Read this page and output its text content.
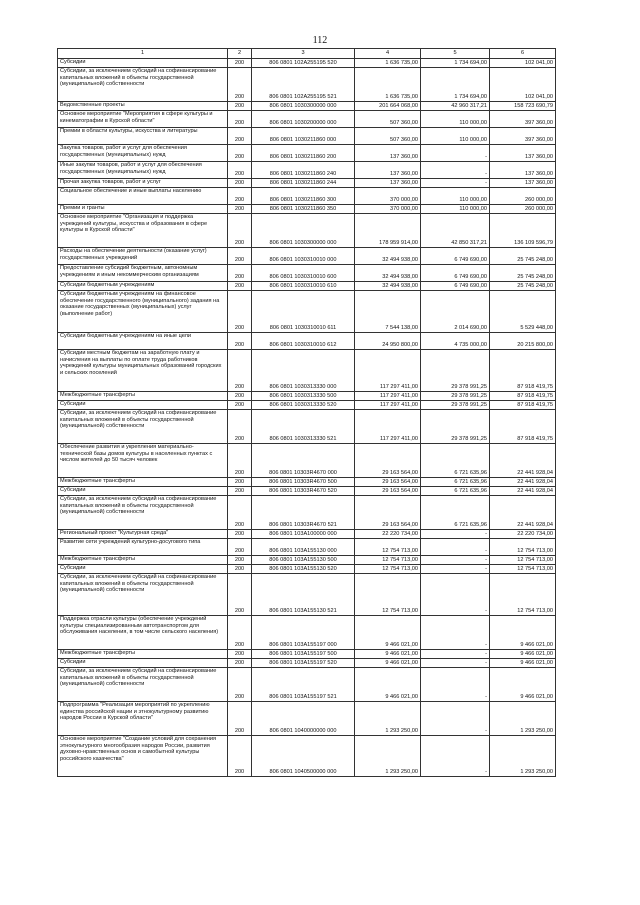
112
1	2	3	4	5	6
Субсидии	200	806 0801 102A255195 520	1 636 735,00	1 734 694,00	102 041,00
Субсидии, за исключением субсидий на софинансирование капитальных вложений в объекты государственной (муниципальной) собственности	200	806 0801 102A255195 521	1 636 735,00	1 734 694,00	102 041,00
Ведомственные проекты	200	806 0801 1030300000 000	201 664 068,00	42 960 317,21	158 723 690,79
Основное мероприятие "Мероприятия в сфере культуры и кинематографии в Курской области"	200	806 0801 1030200000 000	507 360,00	110 000,00	397 360,00
Премии в области культуры, искусства и литературы	200	806 0801 1030211860 000	507 360,00	110 000,00	397 360,00
Закупка товаров, работ и услуг для обеспечения государственных (муниципальных) нужд	200	806 0801 1030211860 200	137 360,00	-	137 360,00
Иные закупки товаров, работ и услуг для обеспечения государственных (муниципальных) нужд	200	806 0801 1030211860 240	137 360,00	-	137 360,00
Прочая закупка товаров, работ и услуг	200	806 0801 1030211860 244	137 360,00	-	137 360,00
Социальное обеспечение и иные выплаты населению	200	806 0801 1030211860 300	370 000,00	110 000,00	260 000,00
Премии и гранты	200	806 0801 1030211860 350	370 000,00	110 000,00	260 000,00
Основное мероприятие "Организация и поддержка учреждений культуры, искусства и образования в сфере культуры в Курской области"	200	806 0801 1030300000 000	178 959 914,00	42 850 317,21	136 109 596,79
Расходы на обеспечение деятельности (оказание услуг) государственных учреждений	200	806 0801 1030310010 000	32 494 938,00	6 749 690,00	25 745 248,00
Предоставление субсидий бюджетным, автономным учреждениям и иным некоммерческим организациям	200	806 0801 1030310010 600	32 494 938,00	6 749 690,00	25 745 248,00
Субсидии бюджетным учреждениям	200	806 0801 1030310010 610	32 494 938,00	6 749 690,00	25 745 248,00
Субсидии бюджетным учреждениям на финансовое обеспечение государственного (муниципального) задания на оказание государственных (муниципальных) услуг (выполнение работ)	200	806 0801 1030310010 611	7 544 138,00	2 014 690,00	5 529 448,00
Субсидии бюджетным учреждениям на иные цели	200	806 0801 1030310010 612	24 950 800,00	4 735 000,00	20 215 800,00
Субсидии местным бюджетам на заработную плату и начисления на выплаты по оплате труда работников учреждений культуры муниципальных образований городских и сельских поселений	200	806 0801 1030313330 000	117 297 411,00	29 378 991,25	87 918 419,75
Межбюджетные трансферты	200	806 0801 1030313330 500	117 297 411,00	29 378 991,25	87 918 419,75
Субсидии	200	806 0801 1030313330 520	117 297 411,00	29 378 991,25	87 918 419,75
Субсидии, за исключением субсидий на софинансирование капитальных вложений в объекты государственной (муниципальной) собственности	200	806 0801 1030313330 521	117 297 411,00	29 378 991,25	87 918 419,75
Обеспечение развития и укрепления материально-технической базы домов культуры в населенных пунктах с числом жителей до 50 тысяч человек	200	806 0801 10303R4670 000	29 163 564,00	6 721 635,96	22 441 928,04
Межбюджетные трансферты	200	806 0801 10303R4670 500	29 163 564,00	6 721 635,96	22 441 928,04
Субсидии	200	806 0801 10303R4670 520	29 163 564,00	6 721 635,96	22 441 928,04
Субсидии, за исключением субсидий на софинансирование капитальных вложений в объекты государственной (муниципальной) собственности	200	806 0801 10303R4670 521	29 163 564,00	6 721 635,96	22 441 928,04
Региональный проект "Культурная среда"	200	806 0801 103A100000 000	22 220 734,00	-	22 220 734,00
Развитие сети учреждений культурно-досугового типа	200	806 0801 103A155130 000	12 754 713,00	-	12 754 713,00
Межбюджетные трансферты	200	806 0801 103A155130 500	12 754 713,00	-	12 754 713,00
Субсидии	200	806 0801 103A155130 520	12 754 713,00	-	12 754 713,00
Субсидии, за исключением субсидий на софинансирование капитальных вложений в объекты государственной (муниципальной) собственности	200	806 0801 103A155130 521	12 754 713,00	-	12 754 713,00
Поддержка отрасли культуры (обеспечение учреждений культуры специализированным автотранспортом для обслуживания населения, в том числе сельского населения)	200	806 0801 103A155197 000	9 466 021,00	-	9 466 021,00
Межбюджетные трансферты	200	806 0801 103A155197 500	9 466 021,00	-	9 466 021,00
Субсидии	200	806 0801 103A155197 520	9 466 021,00	-	9 466 021,00
Субсидии, за исключением субсидий на софинансирование капитальных вложений в объекты государственной (муниципальной) собственности	200	806 0801 103A155197 521	9 466 021,00	-	9 466 021,00
Подпрограмма "Реализация мероприятий по укреплению единства российской нации и этнокультурному развитию народов России в Курской области"	200	806 0801 1040000000 000	1 293 250,00	-	1 293 250,00
Основное мероприятие "Создание условий для сохранения этнокультурного многообразия народов России, развития духовно-нравственных основ и самобытной культуры российского казачества"	200	806 0801 1040500000 000	1 293 250,00	-	1 293 250,00
